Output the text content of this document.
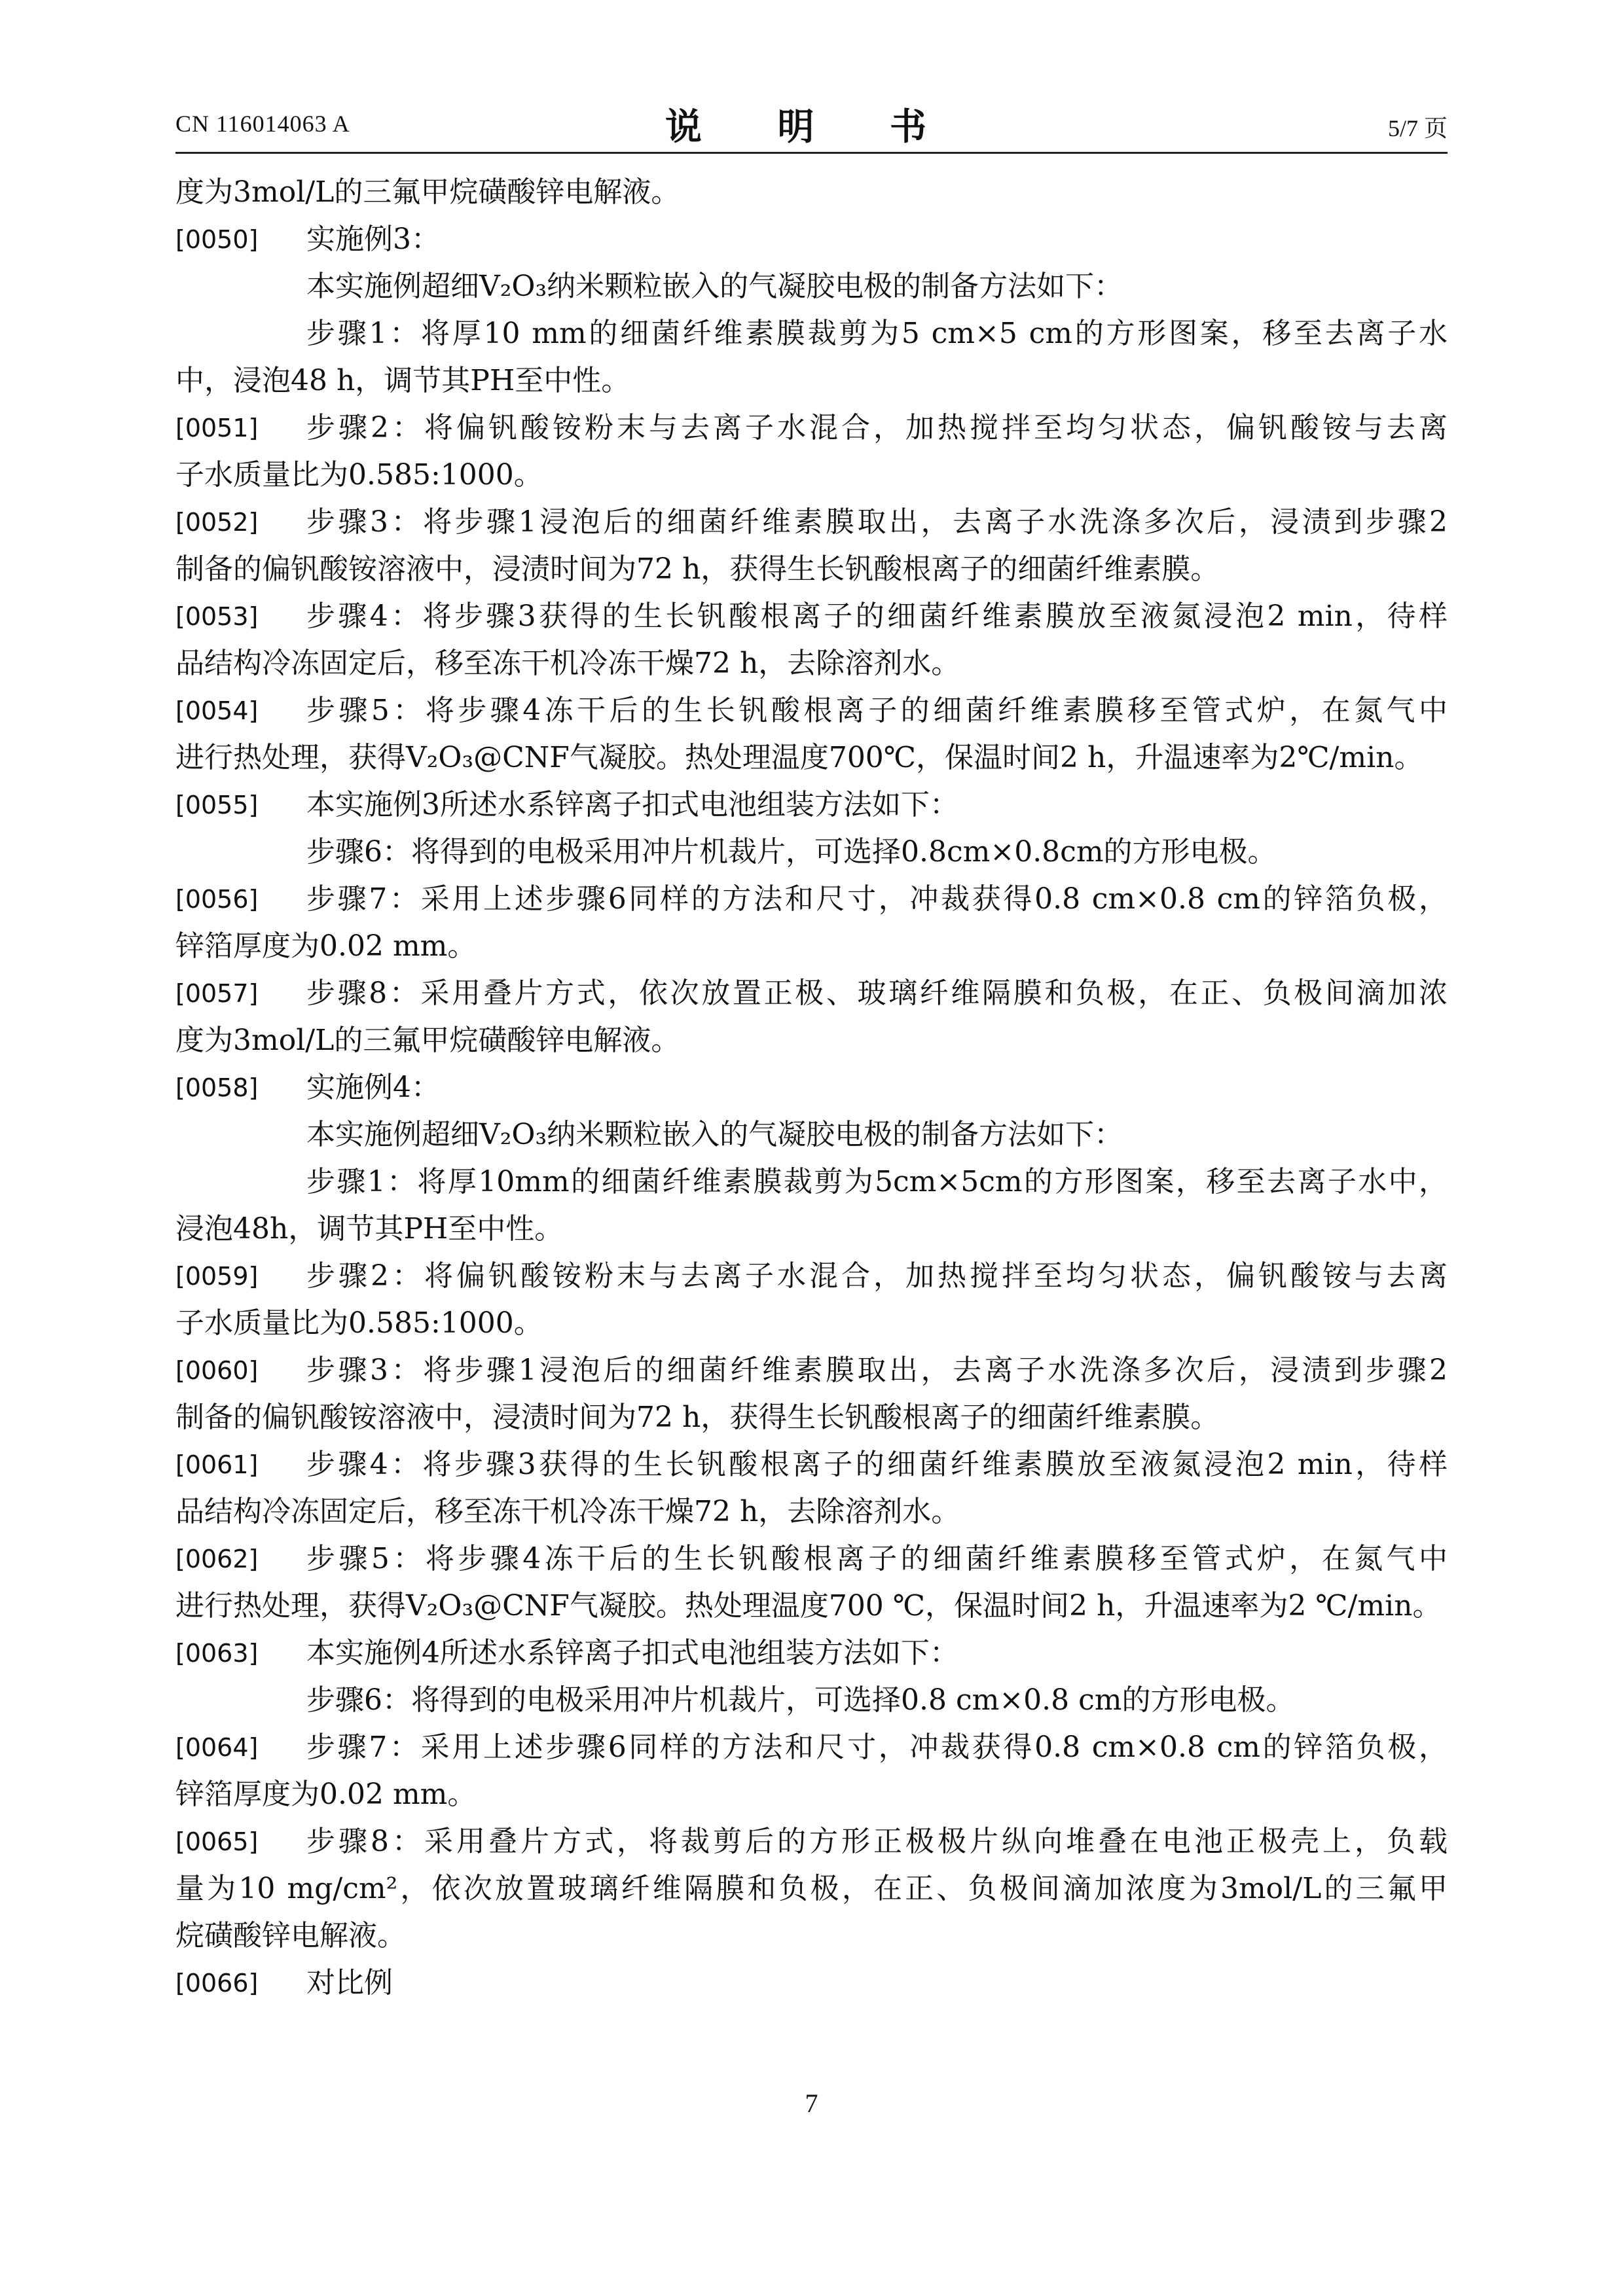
CN 116014063 A	说 明 书	5/7 页
度为3mol/L的三氟甲烷磺酸锌电解液。
[0050] 实施例3：
本实施例超细V₂O₃纳米颗粒嵌入的气凝胶电极的制备方法如下：
步骤1：将厚10 mm的细菌纤维素膜裁剪为5 cm×5 cm的方形图案，移至去离子水
中，浸泡48 h，调节其PH至中性。
[0051] 步骤2：将偏钒酸铵粉末与去离子水混合，加热搅拌至均匀状态，偏钒酸铵与去离
子水质量比为0.585:1000。
[0052] 步骤3：将步骤1浸泡后的细菌纤维素膜取出，去离子水洗涤多次后，浸渍到步骤2
制备的偏钒酸铵溶液中，浸渍时间为72 h，获得生长钒酸根离子的细菌纤维素膜。
[0053] 步骤4：将步骤3获得的生长钒酸根离子的细菌纤维素膜放至液氮浸泡2 min，待样
品结构冷冻固定后，移至冻干机冷冻干燥72 h，去除溶剂水。
[0054] 步骤5：将步骤4冻干后的生长钒酸根离子的细菌纤维素膜移至管式炉，在氮气中
进行热处理，获得V₂O₃@CNF气凝胶。热处理温度700℃，保温时间2 h，升温速率为2℃/min。
[0055] 本实施例3所述水系锌离子扣式电池组装方法如下：
步骤6：将得到的电极采用冲片机裁片，可选择0.8cm×0.8cm的方形电极。
[0056] 步骤7：采用上述步骤6同样的方法和尺寸，冲裁获得0.8 cm×0.8 cm的锌箔负极，
锌箔厚度为0.02 mm。
[0057] 步骤8：采用叠片方式，依次放置正极、玻璃纤维隔膜和负极，在正、负极间滴加浓
度为3mol/L的三氟甲烷磺酸锌电解液。
[0058] 实施例4：
本实施例超细V₂O₃纳米颗粒嵌入的气凝胶电极的制备方法如下：
步骤1：将厚10mm的细菌纤维素膜裁剪为5cm×5cm的方形图案，移至去离子水中，
浸泡48h，调节其PH至中性。
[0059] 步骤2：将偏钒酸铵粉末与去离子水混合，加热搅拌至均匀状态，偏钒酸铵与去离
子水质量比为0.585:1000。
[0060] 步骤3：将步骤1浸泡后的细菌纤维素膜取出，去离子水洗涤多次后，浸渍到步骤2
制备的偏钒酸铵溶液中，浸渍时间为72 h，获得生长钒酸根离子的细菌纤维素膜。
[0061] 步骤4：将步骤3获得的生长钒酸根离子的细菌纤维素膜放至液氮浸泡2 min，待样
品结构冷冻固定后，移至冻干机冷冻干燥72 h，去除溶剂水。
[0062] 步骤5：将步骤4冻干后的生长钒酸根离子的细菌纤维素膜移至管式炉，在氮气中
进行热处理，获得V₂O₃@CNF气凝胶。热处理温度700 ℃，保温时间2 h，升温速率为2 ℃/min。
[0063] 本实施例4所述水系锌离子扣式电池组装方法如下：
步骤6：将得到的电极采用冲片机裁片，可选择0.8 cm×0.8 cm的方形电极。
[0064] 步骤7：采用上述步骤6同样的方法和尺寸，冲裁获得0.8 cm×0.8 cm的锌箔负极，
锌箔厚度为0.02 mm。
[0065] 步骤8：采用叠片方式，将裁剪后的方形正极极片纵向堆叠在电池正极壳上，负载
量为10 mg/cm²，依次放置玻璃纤维隔膜和负极，在正、负极间滴加浓度为3mol/L的三氟甲
烷磺酸锌电解液。
[0066] 对比例
7
